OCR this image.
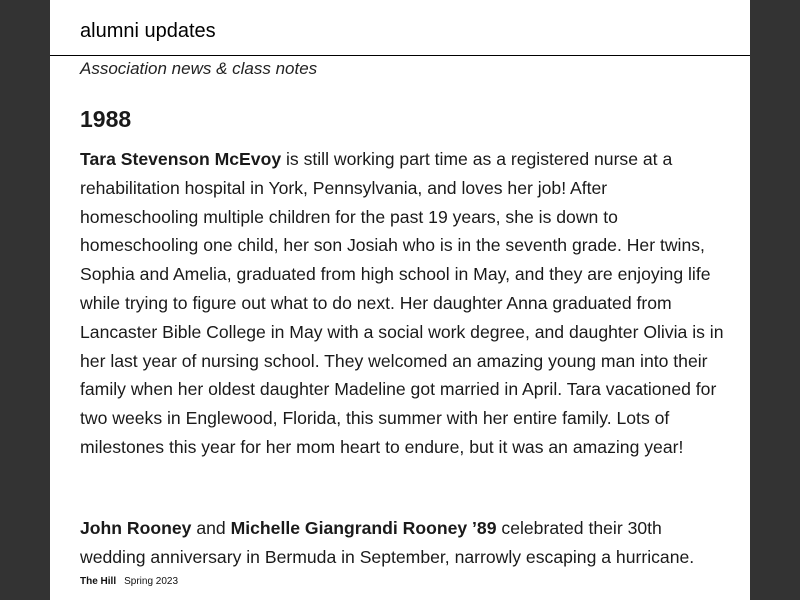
alumni updates
Association news & class notes
1988

Tara Stevenson McEvoy is still working part time as a registered nurse at a rehabilitation hospital in York, Pennsylvania, and loves her job! After homeschooling multiple children for the past 19 years, she is down to homeschooling one child, her son Josiah who is in the seventh grade. Her twins, Sophia and Amelia, graduated from high school in May, and they are enjoying life while trying to figure out what to do next. Her daughter Anna graduated from Lancaster Bible College in May with a social work degree, and daughter Olivia is in her last year of nursing school. They welcomed an amazing young man into their family when her oldest daughter Madeline got married in April. Tara vacationed for two weeks in Englewood, Florida, this summer with her entire family. Lots of milestones this year for her mom heart to endure, but it was an amazing year!

John Rooney and Michelle Giangrandi Rooney ’89 celebrated their 30th wedding anniversary in Bermuda in September, narrowly escaping a hurricane.

The Hill Spring 2023
